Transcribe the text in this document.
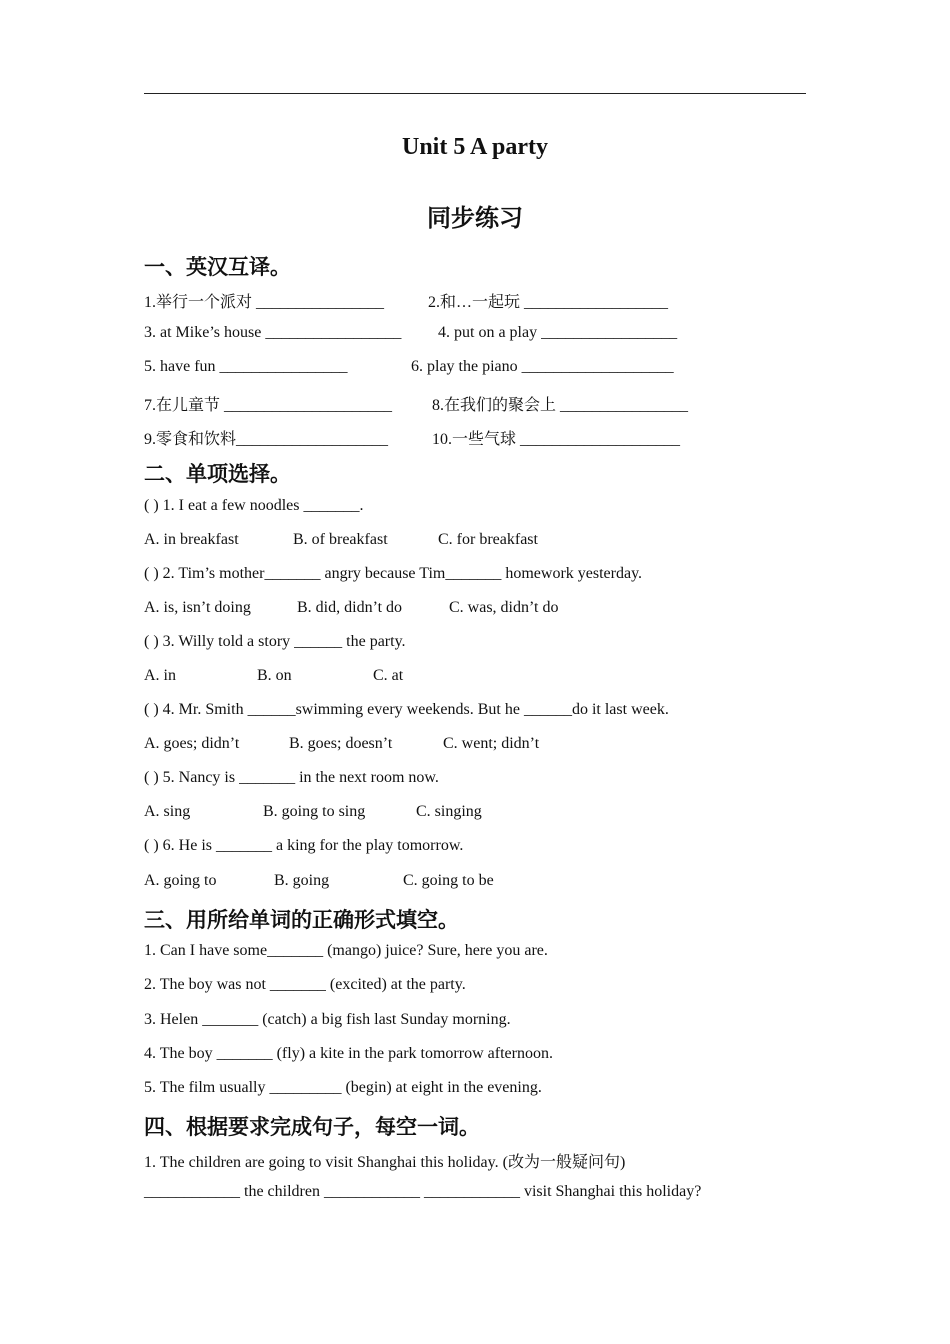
Unit 5 A party
同步练习
一、英汉互译。
1.举行一个派对 ________________	2.和…一起玩 __________________
3. at Mike’s house _________________ 4. put on a play _________________
5. have fun ________________	6. play the piano ___________________
7.在儿童节 _____________________ 8.在我们的聚会上 ________________
9.零食和饮料___________________	10.一些气球 ____________________
二、单项选择。
( ) 1. I eat a few noodles _______.
A. in breakfast	B. of breakfast	C. for breakfast
( ) 2. Tim’s mother_______ angry because Tim_______ homework yesterday.
A. is, isn’t doing	B. did, didn’t do	C. was, didn’t do
( ) 3. Willy told a story ______ the party.
A. in	B. on	C. at
( ) 4. Mr. Smith ______swimming every weekends. But he ______do it last week.
A. goes; didn’t	B. goes; doesn’t	C. went; didn’t
( ) 5. Nancy is _______ in the next room now.
A. sing	B. going to sing	C. singing
( ) 6. He is _______ a king for the play tomorrow.
A. going to	B. going	C. going to be
三、用所给单词的正确形式填空。
1. Can I have some_______ (mango) juice? Sure, here you are.
2. The boy was not _______ (excited) at the party.
3. Helen _______ (catch) a big fish last Sunday morning.
4. The boy _______ (fly) a kite in the park tomorrow afternoon.
5. The film usually _________ (begin) at eight in the evening.
四、根据要求完成句子，每空一词。
1. The children are going to visit Shanghai this holiday. (改为一般疑问句)
____________ the children ____________ ____________ visit Shanghai this holiday?
